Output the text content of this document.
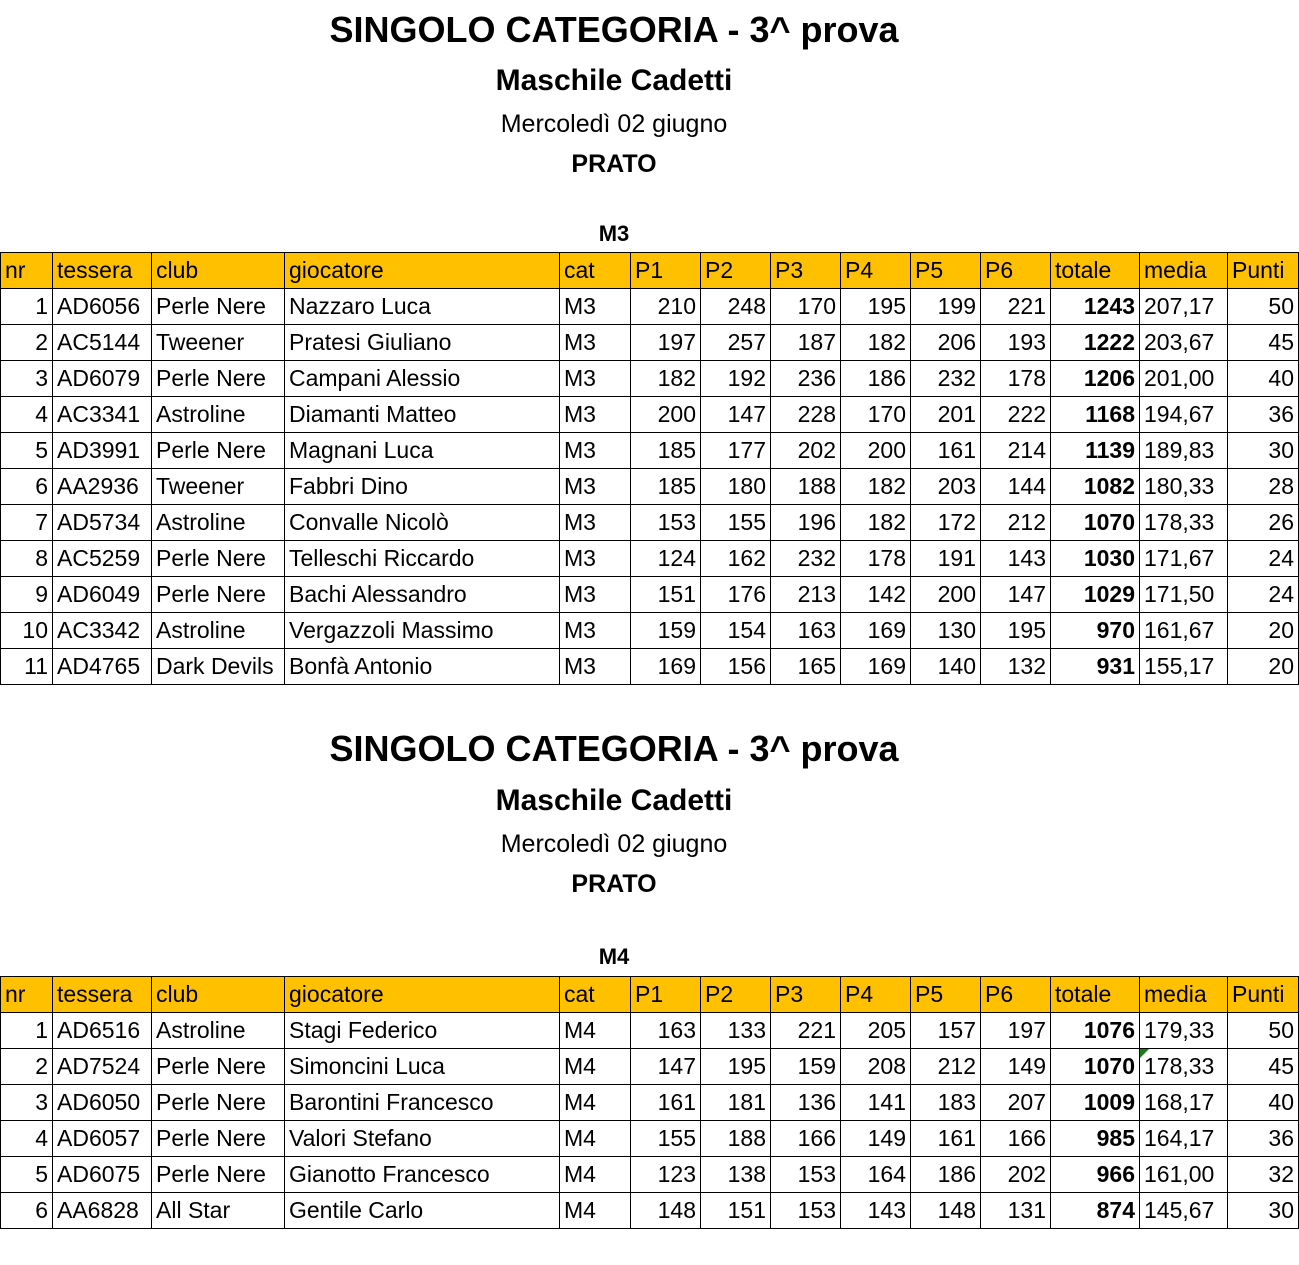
SINGOLO CATEGORIA - 3^ prova
Maschile Cadetti
Mercoledì 02 giugno
PRATO
M3
nr	tessera	club	giocatore	cat	P1	P2	P3	P4	P5	P6	totale	media	Punti
1	AD6056	Perle Nere	Nazzaro Luca	M3	210	248	170	195	199	221	1243	207,17	50
2	AC5144	Tweener	Pratesi Giuliano	M3	197	257	187	182	206	193	1222	203,67	45
3	AD6079	Perle Nere	Campani Alessio	M3	182	192	236	186	232	178	1206	201,00	40
4	AC3341	Astroline	Diamanti Matteo	M3	200	147	228	170	201	222	1168	194,67	36
5	AD3991	Perle Nere	Magnani Luca	M3	185	177	202	200	161	214	1139	189,83	30
6	AA2936	Tweener	Fabbri Dino	M3	185	180	188	182	203	144	1082	180,33	28
7	AD5734	Astroline	Convalle Nicolò	M3	153	155	196	182	172	212	1070	178,33	26
8	AC5259	Perle Nere	Telleschi Riccardo	M3	124	162	232	178	191	143	1030	171,67	24
9	AD6049	Perle Nere	Bachi Alessandro	M3	151	176	213	142	200	147	1029	171,50	24
10	AC3342	Astroline	Vergazzoli Massimo	M3	159	154	163	169	130	195	970	161,67	20
11	AD4765	Dark Devils	Bonfà Antonio	M3	169	156	165	169	140	132	931	155,17	20
SINGOLO CATEGORIA - 3^ prova
Maschile Cadetti
Mercoledì 02 giugno
PRATO
M4
nr	tessera	club	giocatore	cat	P1	P2	P3	P4	P5	P6	totale	media	Punti
1	AD6516	Astroline	Stagi Federico	M4	163	133	221	205	157	197	1076	179,33	50
2	AD7524	Perle Nere	Simoncini Luca	M4	147	195	159	208	212	149	1070	178,33	45
3	AD6050	Perle Nere	Barontini Francesco	M4	161	181	136	141	183	207	1009	168,17	40
4	AD6057	Perle Nere	Valori Stefano	M4	155	188	166	149	161	166	985	164,17	36
5	AD6075	Perle Nere	Gianotto Francesco	M4	123	138	153	164	186	202	966	161,00	32
6	AA6828	All Star	Gentile Carlo	M4	148	151	153	143	148	131	874	145,67	30
